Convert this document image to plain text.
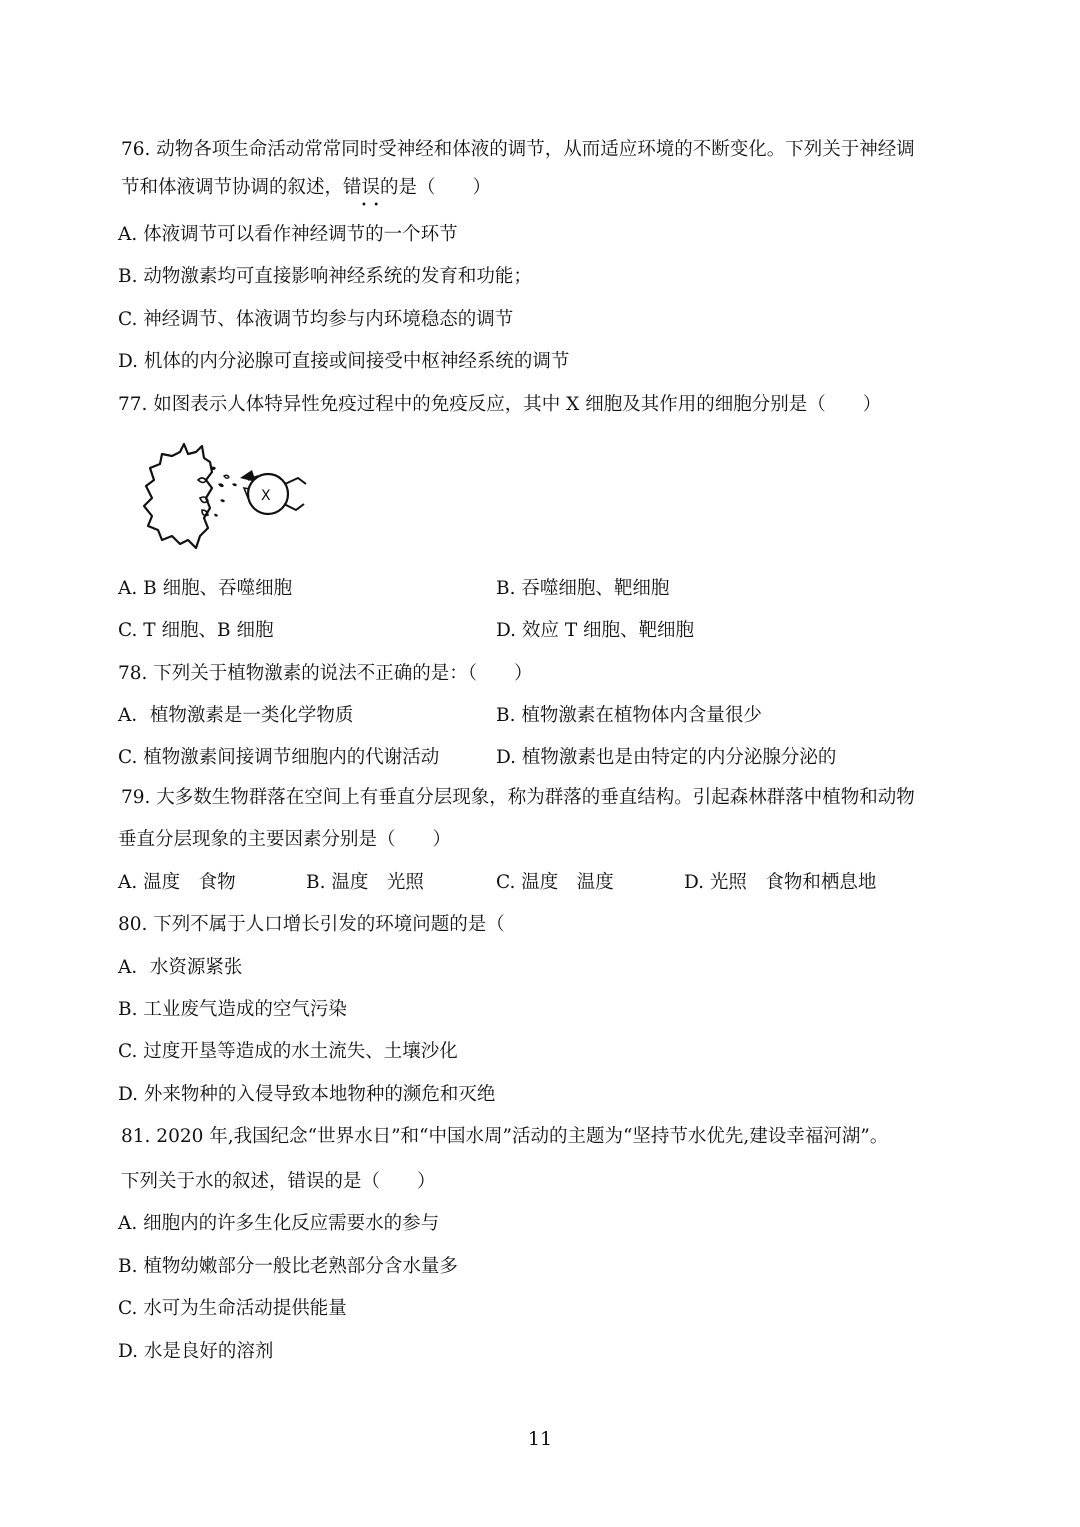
76. 动物各项生命活动常常同时受神经和体液的调节，从而适应环境的不断变化。下列关于神经调
节和体液调节协调的叙述，错误的是（　　）
•  •
A. 体液调节可以看作神经调节的一个环节
B. 动物激素均可直接影响神经系统的发育和功能；
C. 神经调节、体液调节均参与内环境稳态的调节
D. 机体的内分泌腺可直接或间接受中枢神经系统的调节
77. 如图表示人体特异性免疫过程中的免疫反应，其中 X 细胞及其作用的细胞分别是（　　）
X
A. B 细胞、吞噬细胞	B. 吞噬细胞、靶细胞
C. T 细胞、B 细胞	D. 效应 T 细胞、靶细胞
78. 下列关于植物激素的说法不正确的是：（　　）
A．植物激素是一类化学物质	B. 植物激素在植物体内含量很少
C. 植物激素间接调节细胞内的代谢活动	D. 植物激素也是由特定的内分泌腺分泌的
79. 大多数生物群落在空间上有垂直分层现象，称为群落的垂直结构。引起森林群落中植物和动物
垂直分层现象的主要因素分别是（　　）
A. 温度　食物	B. 温度　光照	C. 温度　温度	D. 光照　食物和栖息地
80. 下列不属于人口增长引发的环境问题的是（
A．水资源紧张
B. 工业废气造成的空气污染
C. 过度开垦等造成的水土流失、土壤沙化
D. 外来物种的入侵导致本地物种的濒危和灭绝
81. 2020 年,我国纪念“世界水日”和“中国水周”活动的主题为“坚持节水优先,建设幸福河湖”。
下列关于水的叙述，错误的是（　　）
A. 细胞内的许多生化反应需要水的参与
B. 植物幼嫩部分一般比老熟部分含水量多
C. 水可为生命活动提供能量
D. 水是良好的溶剂
11
